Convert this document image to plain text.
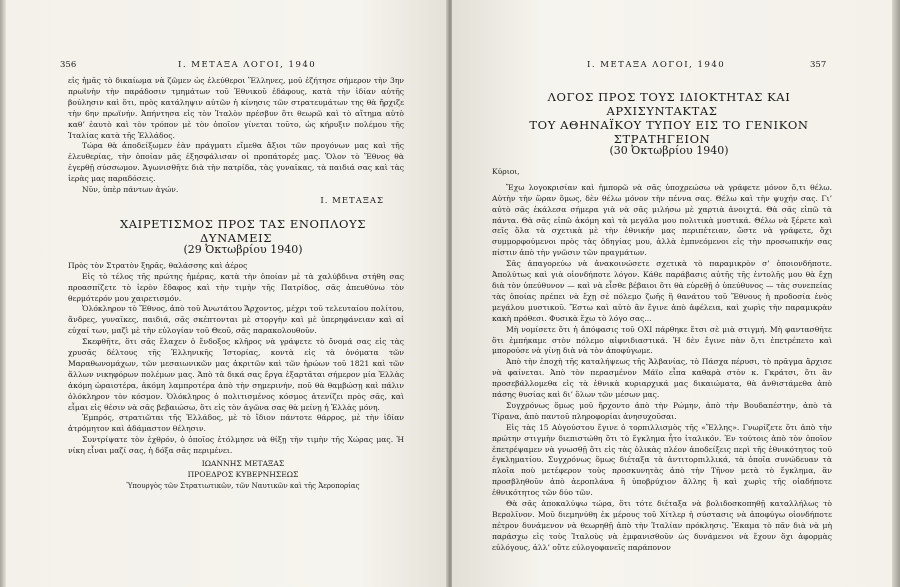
356	Ι. ΜΕΤΑΞΑ ΛΟΓΟΙ, 1940

εἰς ἡμᾶς τὸ δικαίωμα νὰ ζῶμεν ὡς ἐλεύθεροι Ἕλληνες, μοῦ ἐζήτησε σήμερον τὴν 3ην πρωϊνὴν τὴν παράδοσιν τμημάτων τοῦ Ἐθνικοῦ ἐδάφους, κατὰ τὴν ἰδίαν αὐτῆς βούλησιν καὶ ὅτι, πρὸς κατάληψιν αὐτῶν ἡ κίνησις τῶν στρατευμάτων της θὰ ἤρχιζε τὴν 6ην πρωϊνήν. Ἀπήντησα εἰς τὸν Ἰταλὸν πρέσβυν ὅτι θεωρῶ καὶ τὸ αἴτημα αὐτὸ καθ’ ἑαυτὸ καὶ τὸν τρόπον μὲ τὸν ὁποῖον γίνεται τοῦτο, ὡς κήρυξιν πολέμου τῆς Ἰταλίας κατὰ τῆς Ἑλλάδος.

Τώρα θὰ ἀποδείξωμεν ἐὰν πράγματι εἴμεθα ἄξιοι τῶν προγόνων μας καὶ τῆς ἐλευθερίας, τὴν ὁποίαν μᾶς ἐξησφάλισαν οἱ προπάτορές μας. Ὅλον τὸ Ἔθνος θὰ ἐγερθῇ σύσσωμον. Ἀγωνισθῆτε διὰ τὴν πατρίδα, τὰς γυναῖκας, τὰ παιδιά σας καὶ τὰς ἱερὰς μας παραδόσεις.

Νῦν, ὑπὲρ πάντων ἀγών.

Ι. ΜΕΤΑΞΑΣ

ΧΑΙΡΕΤΙΣΜΟΣ ΠΡΟΣ ΤΑΣ ΕΝΟΠΛΟΥΣ ΔΥΝΑΜΕΙΣ

(29 Ὀκτωβρίου 1940)

Πρὸς τὸν Στρατὸν ξηρᾶς, θαλάσσης καὶ ἀέρος

Εἰς τὸ τέλος τῆς πρώτης ἡμέρας, κατὰ τὴν ὁποίαν μὲ τὰ χαλύβδινα στήθη σας προασπίζετε τὸ ἱερὸν ἔδαφος καὶ τὴν τιμὴν τῆς Πατρίδος, σᾶς ἀπευθύνω τὸν θερμότερόν μου χαιρετισμόν.

Ὁλόκληρον τὸ Ἔθνος, ἀπὸ τοῦ Ἀνωτάτου Ἄρχοντος, μέχρι τοῦ τελευταίου πολίτου, ἄνδρες, γυναῖκες, παιδιά, σᾶς σκέπτονται μὲ στοργὴν καὶ μὲ ὑπερηφάνειαν καὶ αἱ εὐχαί των, μαζὶ μὲ τὴν εὐλογίαν τοῦ Θεοῦ, σᾶς παρακολουθοῦν.

Σκεφθῆτε, ὅτι σᾶς ἔλαχεν ὁ ἔνδοξος κλῆρος νὰ γράψετε τὸ ὄνομά σας εἰς τὰς χρυσᾶς δέλτους τῆς Ἑλληνικῆς Ἱστορίας, κοντὰ εἰς τὰ ὀνόματα τῶν Μαραθωνομάχων, τῶν μεσαιωνικῶν μας ἀκριτῶν καὶ τῶν ἡρώων τοῦ 1821 καὶ τῶν ἄλλων νικηφόρων πολέμων μας. Ἀπὸ τὰ δικά σας ἔργα ἐξαρτᾶται σήμερον μία Ἑλλὰς ἀκόμη ὡραιοτέρα, ἀκόμη λαμπροτέρα ἀπὸ τὴν σημερινήν, ποῦ θὰ θαμβώσῃ καὶ πάλιν ὁλόκληρον τὸν κόσμον. Ὁλόκληρος ὁ πολιτισμένος κόσμος ἀτενίζει πρὸς σᾶς, καὶ εἶμαι εἰς θέσιν νὰ σᾶς βεβαιώσω, ὅτι εἰς τὸν ἀγῶνα σας θὰ μείνῃ ἡ Ἑλλὰς μόνη.

Ἐμπρός, στρατιῶται τῆς Ἑλλάδος, μὲ τὸ ἴδιον πάντοτε θάρρος, μὲ τὴν ἰδίαν ἀτρόμητον καὶ ἀδάμαστον θέλησιν.

Συντρίψατε τὸν ἐχθρόν, ὁ ὁποῖος ἐτόλμησε νὰ θίξῃ τὴν τιμὴν τῆς Χώρας μας. Ἡ νίκη εἶναι μαζί σας, ἡ δόξα σᾶς περιμένει.

ΙΩΑΝΝΗΣ ΜΕΤΑΞΑΣ

ΠΡΟΕΔΡΟΣ ΚΥΒΕΡΝΗΣΕΩΣ

Ὑπουργὸς τῶν Στρατιωτικῶν, τῶν Ναυτικῶν καὶ τῆς Ἀεροπορίας

Ι. ΜΕΤΑΞΑ ΛΟΓΟΙ, 1940	357

ΛΟΓΟΣ ΠΡΟΣ ΤΟΥΣ ΙΔΙΟΚΤΗΤΑΣ ΚΑΙ ΑΡΧΙΣΥΝΤΑΚΤΑΣ

ΤΟΥ ΑΘΗΝΑΪΚΟΥ ΤΥΠΟΥ ΕΙΣ ΤΟ ΓΕΝΙΚΟΝ ΣΤΡΑΤΗΓΕΙΟΝ

(30 Ὀκτωβρίου 1940)

Κύριοι,

Ἔχω λογοκρισίαν καὶ ἠμπορῶ νὰ σᾶς ὑποχρεώσω νὰ γράφετε μόνον ὅ,τι θέλω. Αὐτὴν τὴν ὥραν ὅμως, δὲν θέλω μόνον τὴν πέννα σας. Θέλω καὶ τὴν ψυχήν σας. Γι’ αὐτὸ σᾶς ἐκάλεσα σήμερα γιὰ νὰ σᾶς μιλήσω μὲ χαρτιὰ ἀνοιχτά. Θὰ σᾶς εἰπῶ τὰ πάντα. Θὰ σᾶς εἰπῶ ἀκόμη καὶ τὰ μεγάλα μου πολιτικὰ μυστικά. Θέλω νὰ ξέρετε καὶ σεῖς ὅλα τὰ σχετικὰ μὲ τὴν ἐθνικήν μας περιπέτειαν, ὥστε νὰ γράφετε, ὄχι συμμορφούμενοι πρὸς τὰς ὁδηγίας μου, ἀλλὰ ἐμπνεόμενοι εἰς τὴν προσωπικήν σας πίστιν ἀπὸ τὴν γνῶσιν τῶν πραγμάτων.

Σᾶς ἀπαγορεύω νὰ ἀνακοινώσετε σχετικὰ τὸ παραμικρὸν σ’ ὁποιονδήποτε. Ἀπολύτως καὶ γιὰ οἱονδήποτε λόγον. Κάθε παράβασις αὐτῆς τῆς ἐντολῆς μου θὰ ἔχῃ διὰ τὸν ὑπεύθυνον — καὶ νὰ εἶσθε βέβαιοι ὅτι θὰ εὑρεθῇ ὁ ὑπεύθυνος — τὰς συνεπείας τὰς ὁποίας πρέπει νὰ ἔχῃ σὲ πόλεμο ζωῆς ἢ θανάτου τοῦ Ἔθνους ἡ προδοσία ἑνὸς μεγάλου μυστικοῦ. Ἔστω καὶ αὐτὸ ἂν ἔγινε ἀπὸ ἀφέλεια, καὶ χωρὶς τὴν παραμικρὰν κακὴ πρόθεσι. Φυσικὰ ἔχω τὸ λόγο σας...

Μὴ νομίσετε ὅτι ἡ ἀπόφασις τοῦ ΟΧΙ πάρθηκε ἔτσι σὲ μιὰ στιγμή. Μὴ φαντασθῆτε ὅτι ἐμπήκαμε στὸν πόλεμο αἰφνιδιαστικά. Ἡ δὲν ἔγινε πὰν ὅ,τι ἐπετρέπετο καὶ μπορούσε νὰ γίνῃ διὰ νὰ τὸν ἀποφύγωμε.

Ἀπὸ τὴν ἐποχὴ τῆς καταλήψεως τῆς Ἀλβανίας, τὸ Πάσχα πέρυσι, τὸ πρᾶγμα ἄρχισε νὰ φαίνεται. Ἀπὸ τὸν περασμένον Μάϊο εἶπα καθαρὰ στὸν κ. Γκράτσι, ὅτι ἂν προσεβάλλομεθα εἰς τὰ ἐθνικὰ κυριαρχικά μας δικαιώματα, θὰ ἀνθιστάμεθα ἀπὸ πάσης θυσίας καὶ δι’ ὅλων τῶν μέσων μας.

Συγχρόνως ὅμως μοῦ ἤρχοντο ἀπὸ τὴν Ρώμην, ἀπὸ τὴν Βουδαπέστην, ἀπὸ τὰ Τίρανα, ἀπὸ παντοῦ πληροφορίαι ἀνησυχοῦσαι.

Εἰς τὰς 15 Αὐγούστου ἔγινε ὁ τορπιλλισμὸς τῆς «Ἕλλης». Γνωρίζετε ὅτι ἀπὸ τὴν πρώτην στιγμὴν διεπιστώθη ὅτι τὸ ἔγκλημα ἦτο ἰταλικόν. Ἐν τούτοις ἀπὸ τὸν ὁποῖον ἐπετρέψαμεν νὰ γνωσθῇ ὅτι εἰς τὰς ὁλικὰς πλέον ἀποδείξεις περὶ τῆς ἐθνικότητος τοῦ ἐγκληματίου. Συγχρόνως ὅμως διέταξα τὰ ἀντιτορπιλλικά, τὰ ὁποῖα συνώδευαν τὰ πλοῖα ποὺ μετέφερον τοὺς προσκυνητὰς ἀπὸ τὴν Τῆνον μετὰ τὸ ἔγκλημα, ἂν προσβληθοῦν ἀπὸ ἀεροπλάνα ἢ ὑποβρύχιον ἄλλης ἢ καὶ χωρὶς τῆς οἱαδήποτε ἐθνικότητος τῶν δύο τῶν.

Θὰ σᾶς ἀποκαλύψω τώρα, ὅτι τότε διέταξα νὰ βολιδοσκοπηθῇ καταλλήλως τὸ Βερολῖνον. Μοῦ διεμηνύθη ἐκ μέρους τοῦ Χίτλερ ἡ σύστασις νὰ ἀποφύγω οἱονδήποτε πέτρον δυνάμενον νὰ θεωρηθῇ ἀπὸ τὴν Ἰταλίαν πρόκλησις. Ἔκαμα τὸ πᾶν διὰ νὰ μὴ παράσχω εἰς τοὺς Ἰταλοὺς νὰ ἐμφανισθοῦν ὡς δυνάμενοι νὰ ἔχουν ὅχι ἀφορμὰς εὐλόγους, ἀλλ’ οὔτε εὐλογοφανεῖς παράπονον
